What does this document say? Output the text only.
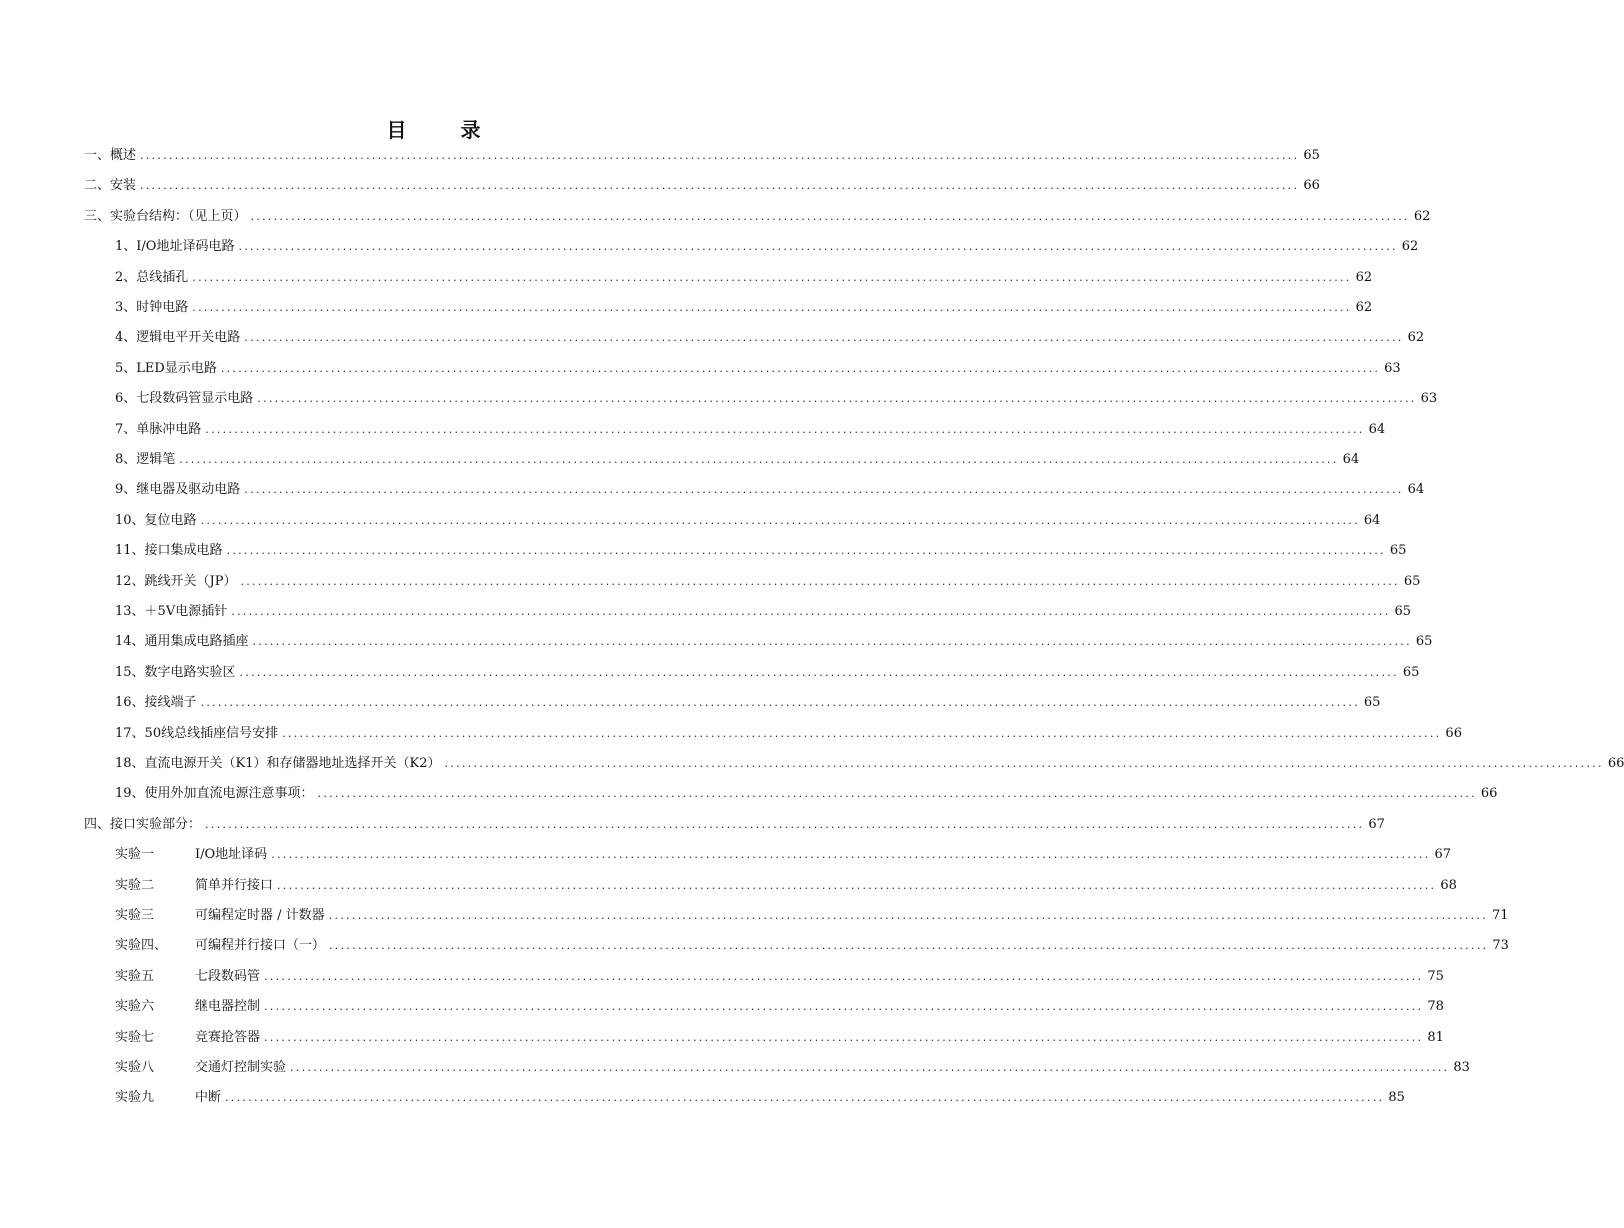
目	录
一、概述 ........................................................................................................................................................................................................ 65
二、安装 ........................................................................................................................................................................................................ 66
三、实验台结构：（见上页） ........................................................................................................................................................................................................ 62
1、I/O地址译码电路 ........................................................................................................................................................................................................ 62
2、总线插孔 ........................................................................................................................................................................................................ 62
3、时钟电路 ........................................................................................................................................................................................................ 62
4、逻辑电平开关电路 ........................................................................................................................................................................................................ 62
5、LED显示电路 ........................................................................................................................................................................................................ 63
6、七段数码管显示电路 ........................................................................................................................................................................................................ 63
7、单脉冲电路 ........................................................................................................................................................................................................ 64
8、逻辑笔 ........................................................................................................................................................................................................ 64
9、继电器及驱动电路 ........................................................................................................................................................................................................ 64
10、复位电路 ........................................................................................................................................................................................................ 64
11、接口集成电路 ........................................................................................................................................................................................................ 65
12、跳线开关（JP） ........................................................................................................................................................................................................ 65
13、＋5V电源插针 ........................................................................................................................................................................................................ 65
14、通用集成电路插座 ........................................................................................................................................................................................................ 65
15、数字电路实验区 ........................................................................................................................................................................................................ 65
16、接线端子 ........................................................................................................................................................................................................ 65
17、50线总线插座信号安排 ........................................................................................................................................................................................................ 66
18、直流电源开关（K1）和存储器地址选择开关（K2） ........................................................................................................................................................................................................ 66
19、使用外加直流电源注意事项： ........................................................................................................................................................................................................ 66
四、接口实验部分： ........................................................................................................................................................................................................ 67
实验一	I/O地址译码 ........................................................................................................................................................................................................ 67
实验二	简单并行接口 ........................................................................................................................................................................................................ 68
实验三	可编程定时器 / 计数器 ........................................................................................................................................................................................................ 71
实验四、 可编程并行接口（一） ........................................................................................................................................................................................................ 73
实验五	七段数码管 ........................................................................................................................................................................................................ 75
实验六	继电器控制 ........................................................................................................................................................................................................ 78
实验七	竞赛抢答器 ........................................................................................................................................................................................................ 81
实验八	交通灯控制实验 ........................................................................................................................................................................................................ 83
实验九	中断 ........................................................................................................................................................................................................ 85
